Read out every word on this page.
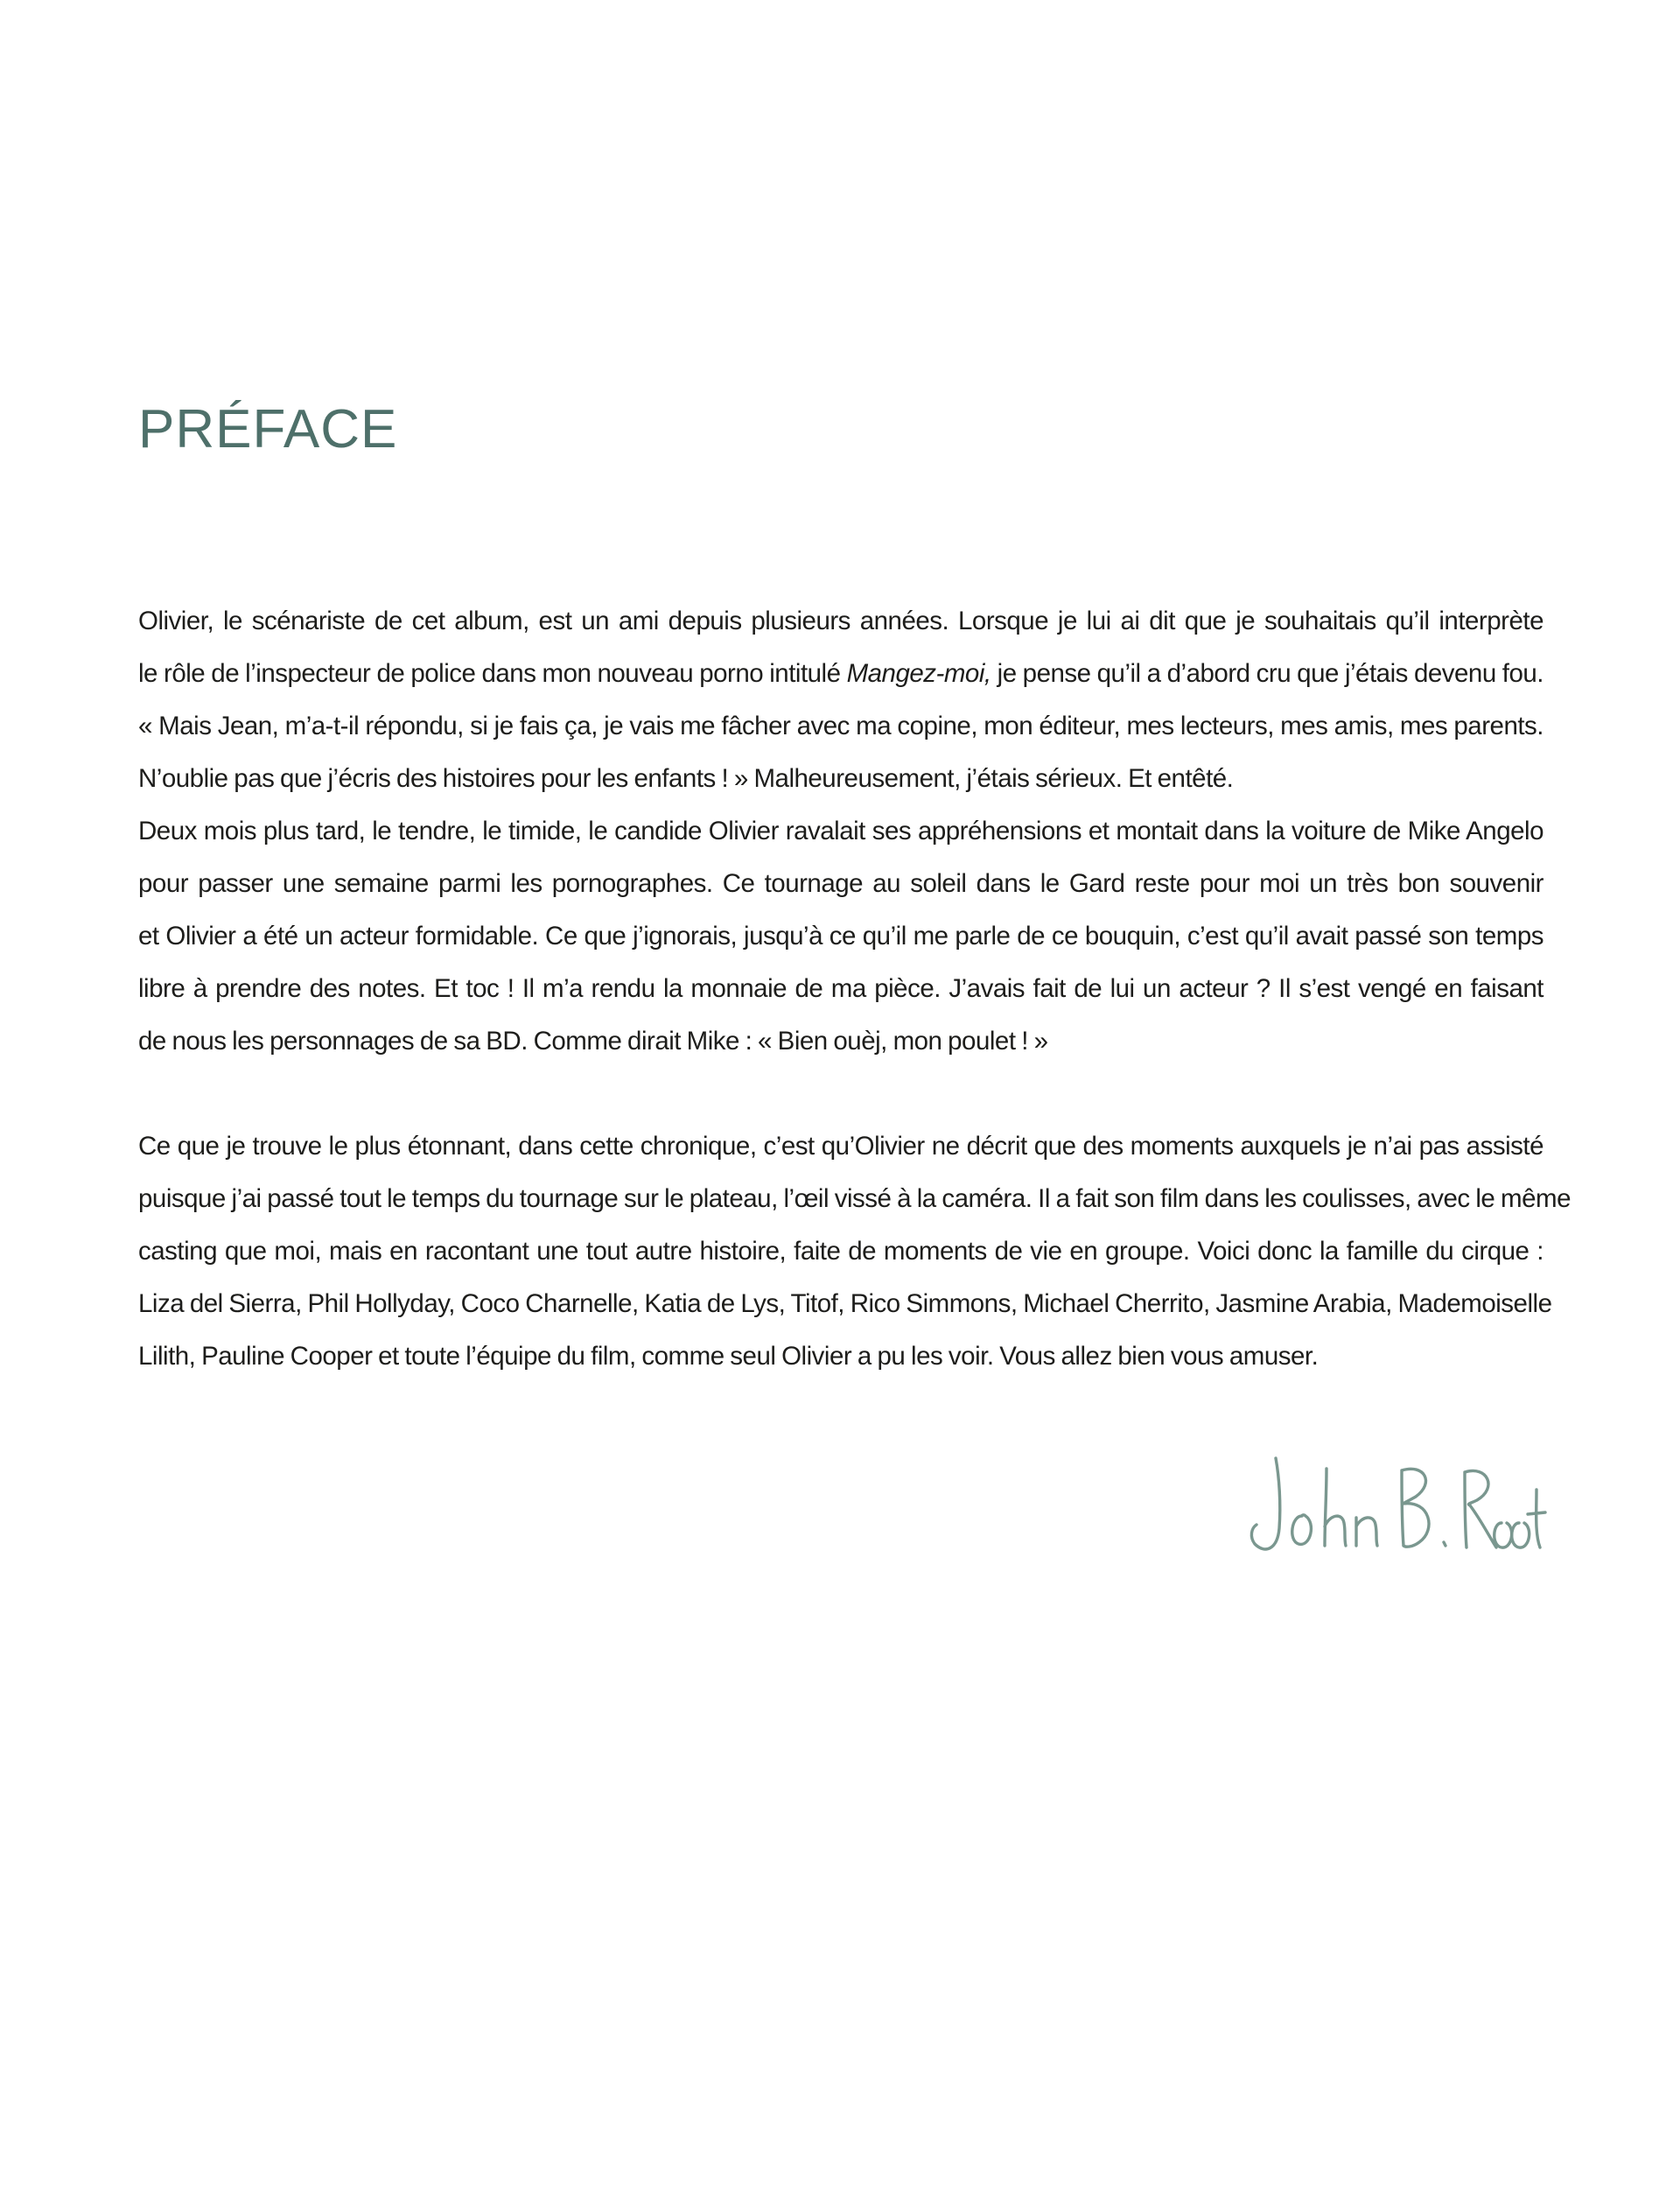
PRÉFACE

Olivier, le scénariste de cet album, est un ami depuis plusieurs années. Lorsque je lui ai dit que je souhaitais qu’il interprète
le rôle de l’inspecteur de police dans mon nouveau porno intitulé Mangez-moi, je pense qu’il a d’abord cru que j’étais devenu fou.
« Mais Jean, m’a-t-il répondu, si je fais ça, je vais me fâcher avec ma copine, mon éditeur, mes lecteurs, mes amis, mes parents.
N’oublie pas que j’écris des histoires pour les enfants ! » Malheureusement, j’étais sérieux. Et entêté.
Deux mois plus tard, le tendre, le timide, le candide Olivier ravalait ses appréhensions et montait dans la voiture de Mike Angelo
pour passer une semaine parmi les pornographes. Ce tournage au soleil dans le Gard reste pour moi un très bon souvenir
et Olivier a été un acteur formidable. Ce que j’ignorais, jusqu’à ce qu’il me parle de ce bouquin, c’est qu’il avait passé son temps
libre à prendre des notes. Et toc ! Il m’a rendu la monnaie de ma pièce. J’avais fait de lui un acteur ? Il s’est vengé en faisant
de nous les personnages de sa BD. Comme dirait Mike : « Bien ouèj, mon poulet ! »

Ce que je trouve le plus étonnant, dans cette chronique, c’est qu’Olivier ne décrit que des moments auxquels je n’ai pas assisté
puisque j’ai passé tout le temps du tournage sur le plateau, l’œil vissé à la caméra. Il a fait son film dans les coulisses, avec le même
casting que moi, mais en racontant une tout autre histoire, faite de moments de vie en groupe. Voici donc la famille du cirque :
Liza del Sierra, Phil Hollyday, Coco Charnelle, Katia de Lys, Titof, Rico Simmons, Michael Cherrito, Jasmine Arabia, Mademoiselle
Lilith, Pauline Cooper et toute l’équipe du film, comme seul Olivier a pu les voir. Vous allez bien vous amuser.
